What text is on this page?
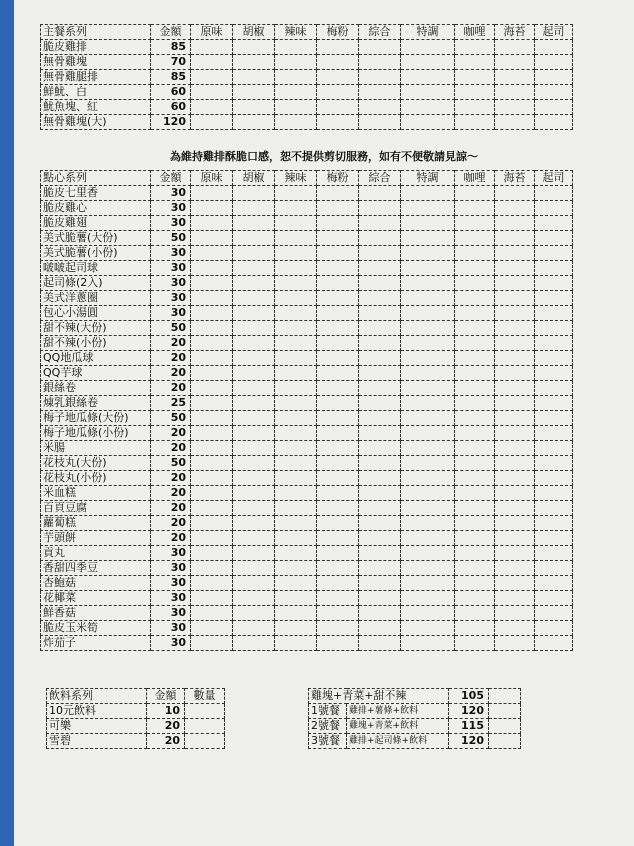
主餐系列	金額	原味	胡椒	辣味	梅粉	綜合	特調	咖哩	海苔	起司
脆皮雞排	85									
無骨雞塊	70									
無骨雞腿排	85									
鮮魷、白	60									
魷魚塊、紅	60									
無骨雞塊(大)	120									
為維持雞排酥脆口感，恕不提供剪切服務，如有不便敬請見諒～
點心系列	金額	原味	胡椒	辣味	梅粉	綜合	特調	咖哩	海苔	起司
脆皮七里香	30									
脆皮雞心	30									
脆皮雞翅	30									
美式脆薯(大份)	50									
美式脆薯(小份)	30									
啵啵起司球	30									
起司條(2入)	30									
美式洋蔥圈	30									
包心小湯圓	30									
甜不辣(大份)	50									
甜不辣(小份)	20									
QQ地瓜球	20									
QQ芋球	20									
銀絲卷	20									
煉乳銀絲卷	25									
梅子地瓜條(大份)	50									
梅子地瓜條(小份)	20									
米腸	20									
花枝丸(大份)	50									
花枝丸(小份)	20									
米血糕	20									
百頁豆腐	20									
蘿蔔糕	20									
芋頭餅	20									
貢丸	30									
香甜四季豆	30									
杏鮑菇	30									
花椰菜	30									
鮮香菇	30									
脆皮玉米筍	30									
炸茄子	30									
飲料系列	金額	數量
10元飲料	10	
可樂	20	
雪碧	20	
雞塊+青菜+甜不辣		105	
1號餐	雞排+薯條+飲料	120	
2號餐	雞塊+青菜+飲料	115	
3號餐	雞排+起司條+飲料	120	
